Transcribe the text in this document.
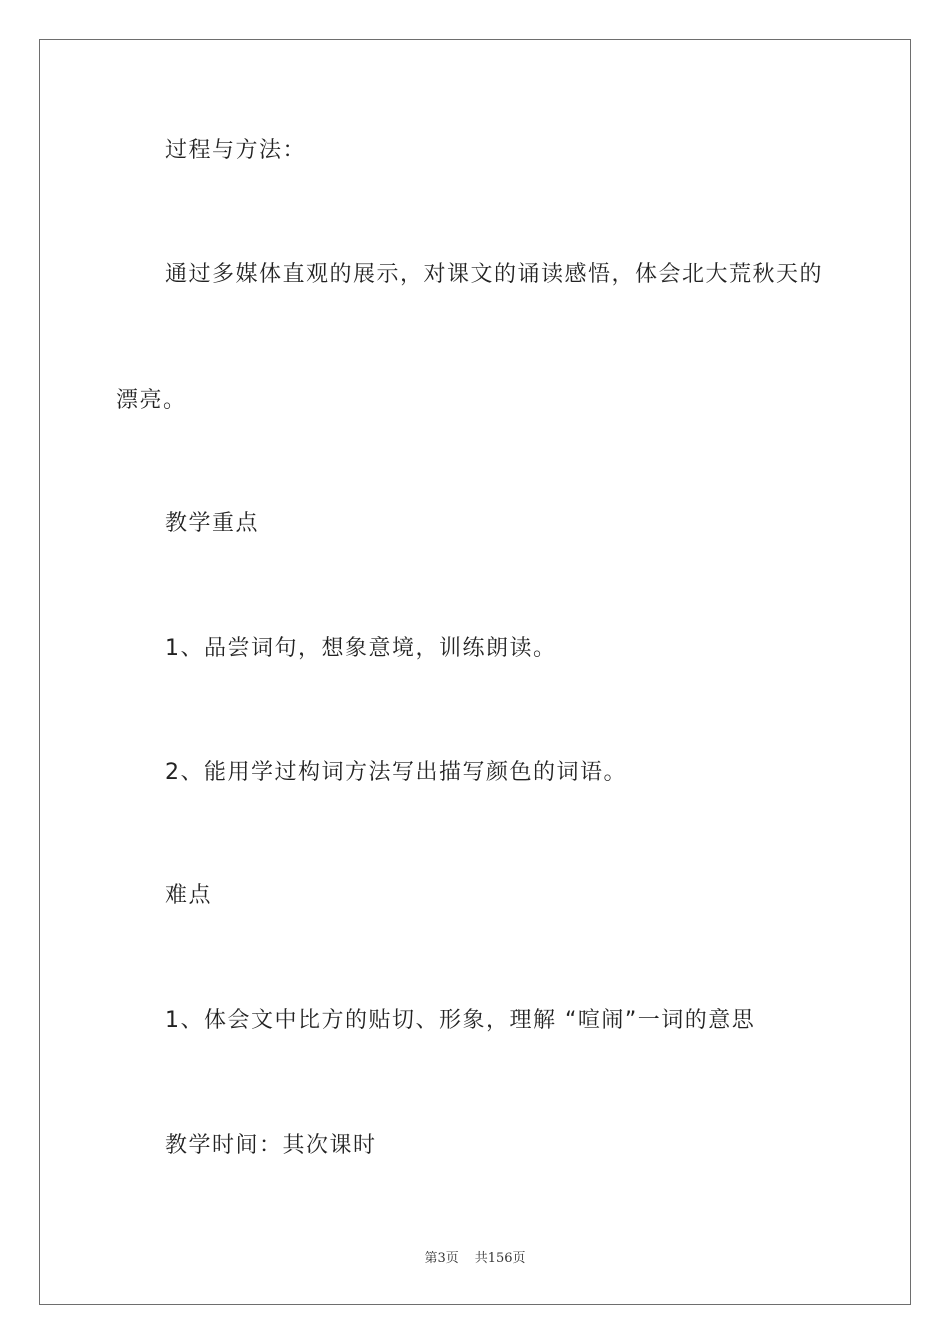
过程与方法：
通过多媒体直观的展示，对课文的诵读感悟，体会北大荒秋天的
漂亮。
教学重点
1、品尝词句，想象意境，训练朗读。
2、能用学过构词方法写出描写颜色的词语。
难点
1、体会文中比方的贴切、形象，理解 “喧闹”一词的意思
教学时间：其次课时
第3页 共156页
